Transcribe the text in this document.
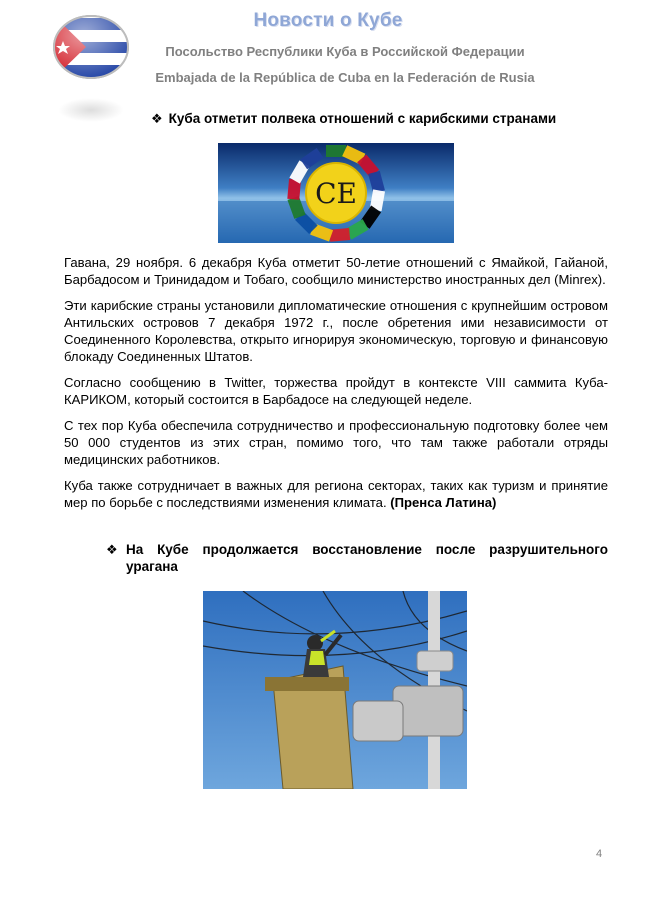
Новости о Кубе
Посольство Республики Куба в Российской Федерации
Embajada de la República de Cuba en la Federación de Rusia
❖ Куба отметит полвека отношений с карибскими странами
CE

Гавана, 29 ноября. 6 декабря Куба отметит 50-летие отношений с Ямайкой, Гайаной, Барбадосом и Тринидадом и Тобаго, сообщило министерство иностранных дел (Minrex).

Эти карибские страны установили дипломатические отношения с крупнейшим островом Антильских островов 7 декабря 1972 г., после обретения ими независимости от Соединенного Королевства, открыто игнорируя экономическую, торговую и финансовую блокаду Соединенных Штатов.

Согласно сообщению в Twitter, торжества пройдут в контексте VIII саммита Куба-КАРИКОМ, который состоится в Барбадосе на следующей неделе.

С тех пор Куба обеспечила сотрудничество и профессиональную подготовку более чем 50 000 студентов из этих стран, помимо того, что там также работали отряды медицинских работников.

Куба также сотрудничает в важных для региона секторах, таких как туризм и принятие мер по борьбе с последствиями изменения климата. (Пренса Латина)

❖ На Кубе продолжается восстановление после разрушительного урагана
4
